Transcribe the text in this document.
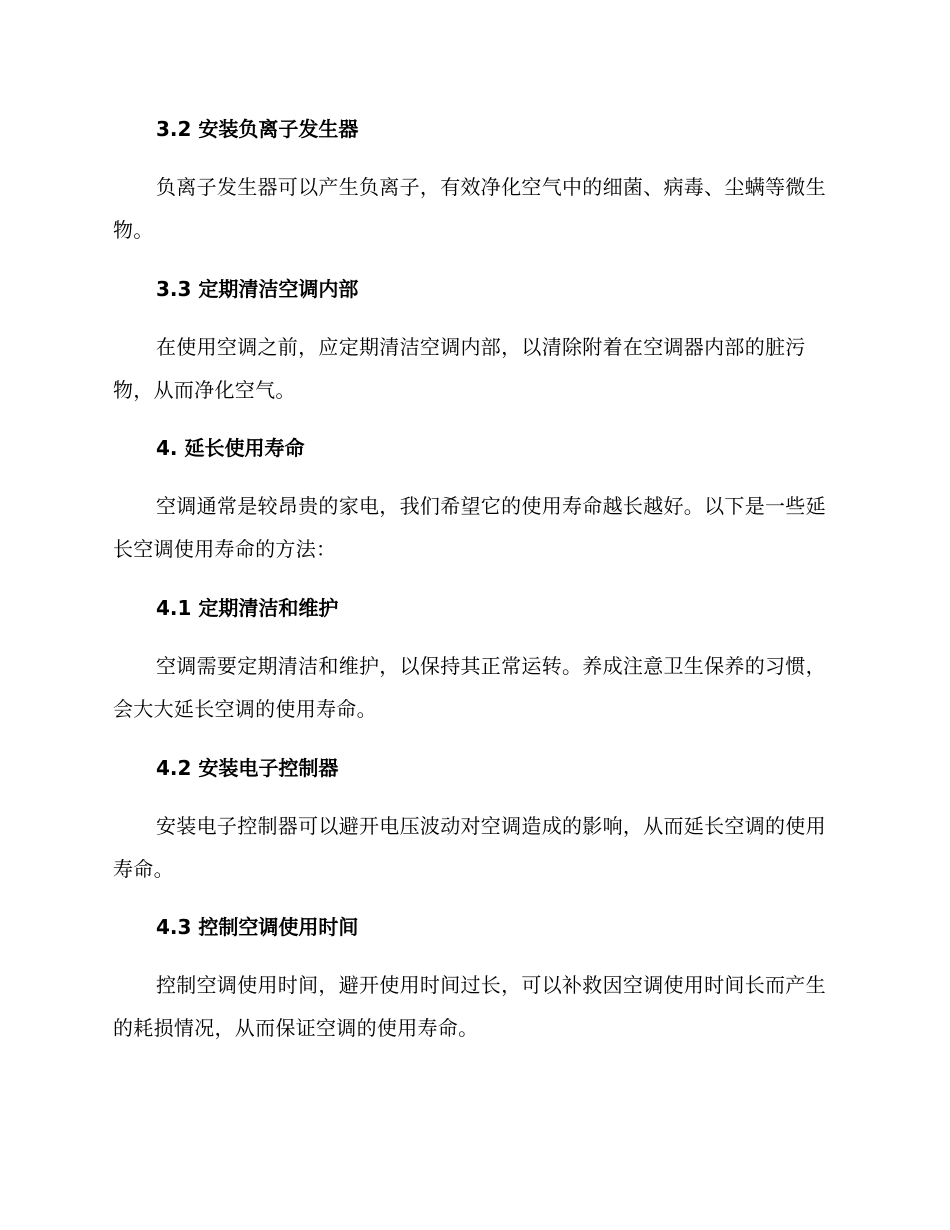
3.2 安装负离子发生器

负离子发生器可以产生负离子，有效净化空气中的细菌、病毒、尘螨等微生物。

3.3 定期清洁空调内部

在使用空调之前，应定期清洁空调内部，以清除附着在空调器内部的脏污物，从而净化空气。

4. 延长使用寿命

空调通常是较昂贵的家电，我们希望它的使用寿命越长越好。以下是一些延长空调使用寿命的方法：

4.1 定期清洁和维护

空调需要定期清洁和维护，以保持其正常运转。养成注意卫生保养的习惯，会大大延长空调的使用寿命。

4.2 安装电子控制器

安装电子控制器可以避开电压波动对空调造成的影响，从而延长空调的使用寿命。

4.3 控制空调使用时间

控制空调使用时间，避开使用时间过长，可以补救因空调使用时间长而产生的耗损情况，从而保证空调的使用寿命。
